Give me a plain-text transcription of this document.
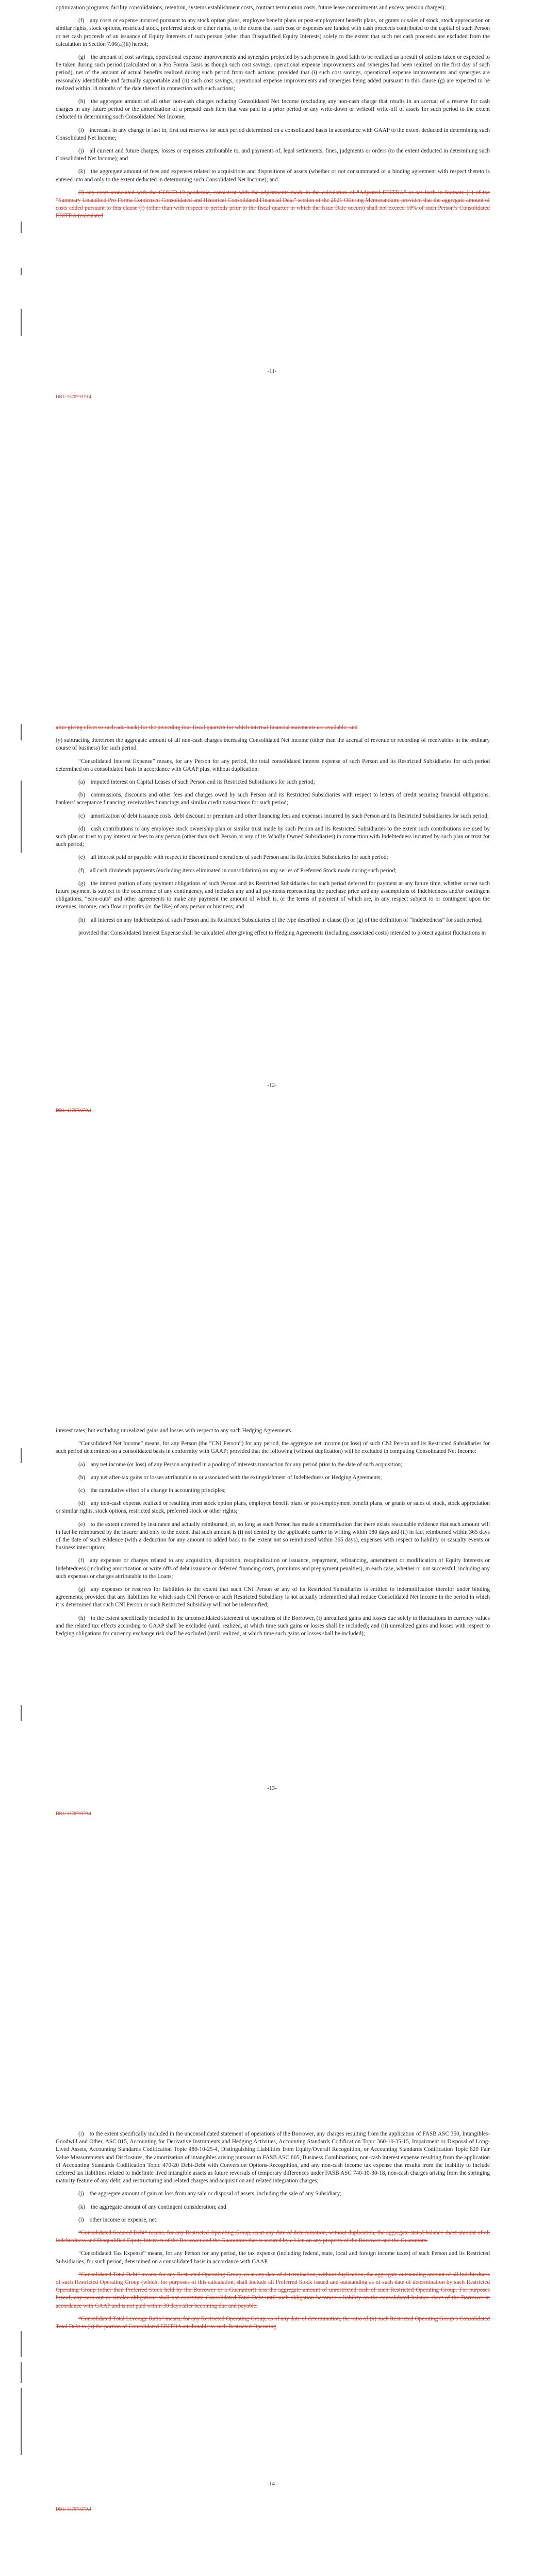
optimization programs, facility consolidations, retention, systems establishment costs, contract termination costs, future lease commitments and excess pension charges);

(f) any costs or expense incurred pursuant to any stock option plans, employee benefit plans or post-employment benefit plans, or grants or sales of stock, stock appreciation or similar rights, stock options, restricted stock, preferred stock or other rights, to the extent that such cost or expenses are funded with cash proceeds contributed to the capital of such Person or net cash proceeds of an issuance of Equity Interests of such person (other than Disqualified Equity Interests) solely to the extent that such net cash proceeds are excluded from the calculation in Section 7.06(a)(ii) hereof;

(g) the amount of cost savings, operational expense improvements and synergies projected by such person in good faith to be realized as a result of actions taken or expected to be taken during such period (calculated on a Pro Forma Basis as though such cost savings, operational expense improvements and synergies had been realized on the first day of such period), net of the amount of actual benefits realized during such period from such actions; provided that (i) such cost savings, operational expense improvements and synergies are reasonably identifiable and factually supportable and (ii) such cost savings, operational expense improvements and synergies being added pursuant to this clause (g) are expected to be realized within 18 months of the date thereof in connection with such actions;

(h) the aggregate amount of all other non-cash charges reducing Consolidated Net Income (excluding any non-cash charge that results in an accrual of a reserve for cash charges in any future period or the amortization of a prepaid cash item that was paid in a prior period or any write-down or writeoff write-off of assets for such period to the extent deducted in determining such Consolidated Net Income;

(i) increases in any change in last in, first out reserves for such period determined on a consolidated basis in accordance with GAAP to the extent deducted in determining such Consolidated Net Income;

(j) all current and future charges, losses or expenses attributable to, and payments of, legal settlements, fines, judgments or orders (to the extent deducted in determining such Consolidated Net Income); and

(k) the aggregate amount of fees and expenses related to acquisitions and dispositions of assets (whether or not consummated or a binding agreement with respect thereto is entered into and only to the extent deducted in determining such Consolidated Net Income); and

(l) any costs associated with the COVID-19 pandemic, consistent with the adjustments made in the calculation of “Adjusted EBITDA” as set forth in footnote (1) of the “Summary Unaudited Pro Forma Condensed Consolidated and Historical Consolidated Financial Data” section of the 2021 Offering Memorandum; provided that the aggregate amount of costs added pursuant to this clause (l) (other than with respect to periods prior to the fiscal quarter in which the Issue Date occurs) shall not exceed 10% of such Person’s Consolidated EBITDA (calculated

-11-
DB1/ 137079379.4

after giving effect to such add-back) for the preceding four fiscal quarters for which internal financial statements are available; and

(y) subtracting therefrom the aggregate amount of all non-cash charges increasing Consolidated Net Income (other than the accrual of revenue or recording of receivables in the ordinary course of business) for such period.

“Consolidated Interest Expense” means, for any Person for any period, the total consolidated interest expense of such Person and its Restricted Subsidiaries for such period determined on a consolidated basis in accordance with GAAP plus, without duplication:

(a) imputed interest on Capital Leases of such Person and its Restricted Subsidiaries for such period;

(b) commissions, discounts and other fees and charges owed by such Person and its Restricted Subsidiaries with respect to letters of credit securing financial obligations, bankers’ acceptance financing, receivables financings and similar credit transactions for such period;

(c) amortization of debt issuance costs, debt discount or premium and other financing fees and expenses incurred by such Person and its Restricted Subsidiaries for such period;

(d) cash contributions to any employee stock ownership plan or similar trust made by such Person and its Restricted Subsidiaries to the extent such contributions are used by such plan or trust to pay interest or fees to any person (other than such Person or any of its Wholly Owned Subsidiaries) in connection with Indebtedness incurred by such plan or trust for such period;

(e) all interest paid or payable with respect to discontinued operations of such Person and its Restricted Subsidiaries for such period;

(f) all cash dividends payments (excluding items eliminated in consolidation) on any series of Preferred Stock made during such period;

(g) the interest portion of any payment obligations of such Person and its Restricted Subsidiaries for such period deferred for payment at any future time, whether or not such future payment is subject to the occurrence of any contingency, and includes any and all payments representing the purchase price and any assumptions of Indebtedness and/or contingent obligations, “earn-outs” and other agreements to make any payment the amount of which is, or the terms of payment of which are, in any respect subject to or contingent upon the revenues, income, cash flow or profits (or the like) of any person or business; and

(h) all interest on any Indebtedness of such Person and its Restricted Subsidiaries of the type described in clause (f) or (g) of the definition of “Indebtedness” for such period;

provided that Consolidated Interest Expense shall be calculated after giving effect to Hedging Agreements (including associated costs) intended to protect against fluctuations in

-12-
DB1/ 137079379.4

interest rates, but excluding unrealized gains and losses with respect to any such Hedging Agreements.

“Consolidated Net Income” means, for any Person (the “CNI Person”) for any period, the aggregate net income (or loss) of such CNI Person and its Restricted Subsidiaries for such period determined on a consolidated basis in conformity with GAAP; provided that the following (without duplication) will be excluded in computing Consolidated Net Income:

(a) any net income (or loss) of any Person acquired in a pooling of interests transaction for any period prior to the date of such acquisition;

(b) any net after-tax gains or losses attributable to or associated with the extinguishment of Indebtedness or Hedging Agreements;

(c) the cumulative effect of a change in accounting principles;

(d) any non-cash expense realized or resulting from stock option plans, employee benefit plans or post-employment benefit plans, or grants or sales of stock, stock appreciation or similar rights, stock options, restricted stock, preferred stock or other rights;

(e) to the extent covered by insurance and actually reimbursed, or, so long as such Person has made a determination that there exists reasonable evidence that such amount will in fact be reimbursed by the insurer and only to the extent that such amount is (i) not denied by the applicable carrier in writing within 180 days and (ii) in fact reimbursed within 365 days of the date of such evidence (with a deduction for any amount so added back to the extent not so reimbursed within 365 days), expenses with respect to liability or casualty events or business interruption;

(f) any expenses or charges related to any acquisition, disposition, recapitalization or issuance, repayment, refinancing, amendment or modification of Equity Interests or Indebtedness (including amortization or write offs of debt issuance or deferred financing costs, premiums and prepayment penalties), in each case, whether or not successful, including any such expenses or charges attributable to the Loans;

(g) any expenses or reserves for liabilities to the extent that such CNI Person or any of its Restricted Subsidiaries is entitled to indemnification therefor under binding agreements; provided that any liabilities for which such CNI Person or such Restricted Subsidiary is not actually indemnified shall reduce Consolidated Net Income in the period in which it is determined that such CNI Person or such Restricted Subsidiary will not be indemnified;

(h) to the extent specifically included in the unconsolidated statement of operations of the Borrower, (i) unrealized gains and losses due solely to fluctuations in currency values and the related tax effects according to GAAP shall be excluded (until realized, at which time such gains or losses shall be included); and (ii) unrealized gains and losses with respect to hedging obligations for currency exchange risk shall be excluded (until realized, at which time such gains or losses shall be included);

-13-
DB1/ 137079379.4

(i) to the extent specifically included in the unconsolidated statement of operations of the Borrower, any charges resulting from the application of FASB ASC 350, Intangibles-Goodwill and Other, ASC 815, Accounting for Derivative Instruments and Hedging Activities, Accounting Standards Codification Topic 360-10-35-15, Impairment or Disposal of Long-Lived Assets, Accounting Standards Codification Topic 480-10-25-4, Distinguishing Liabilities from Equity/Overall Recognition, or Accounting Standards Codification Topic 820 Fair Value Measurements and Disclosures, the amortization of intangibles arising pursuant to FASB ASC 805, Business Combinations, non-cash interest expense resulting from the application of Accounting Standards Codification Topic 470-20 Debt-Debt with Conversion Options-Recognition, and any non-cash income tax expense that results from the inability to include deferred tax liabilities related to indefinite lived intangible assets as future reversals of temporary differences under FASB ASC 740-10-30-18, non-cash charges arising from the springing maturity feature of any debt, and restructuring and related charges and acquisition and related integration charges;

(j) the aggregate amount of gain or loss from any sale or disposal of assets, including the sale of any Subsidiary;

(k) the aggregate amount of any contingent consideration; and

(l) other income or expense, net.

“Consolidated Secured Debt” means, for any Restricted Operating Group, as at any date of determination, without duplication, the aggregate stated balance sheet amount of all Indebtedness and Disqualified Equity Interests of the Borrower and the Guarantors that is secured by a Lien on any property of the Borrower and the Guarantors.

“Consolidated Tax Expense” means, for any Person for any period, the tax expense (including federal, state, local and foreign income taxes) of such Person and its Restricted Subsidiaries, for such period, determined on a consolidated basis in accordance with GAAP.

“Consolidated Total Debt” means, for any Restricted Operating Group, as at any date of determination, without duplication, the aggregate outstanding amount of all Indebtedness of such Restricted Operating Group (which, for purposes of this calculation, shall include all Preferred Stock issued and outstanding as of such date of determination by such Restricted Operating Group (other than Preferred Stock held by the Borrower or a Guarantor)) less the aggregate amount of unrestricted cash of such Restricted Operating Group. For purposes hereof, any earn-out or similar obligations shall not constitute Consolidated Total Debt until such obligation becomes a liability on the consolidated balance sheet of the Borrower in accordance with GAAP and is not paid within 30 days after becoming due and payable.

“Consolidated Total Leverage Ratio” means, for any Restricted Operating Group, as of any date of determination, the ratio of (x) such Restricted Operating Group’s Consolidated Total Debt to (b) the portion of Consolidated EBITDA attributable to such Restricted Operating

-14-
DB1/ 137079379.4
